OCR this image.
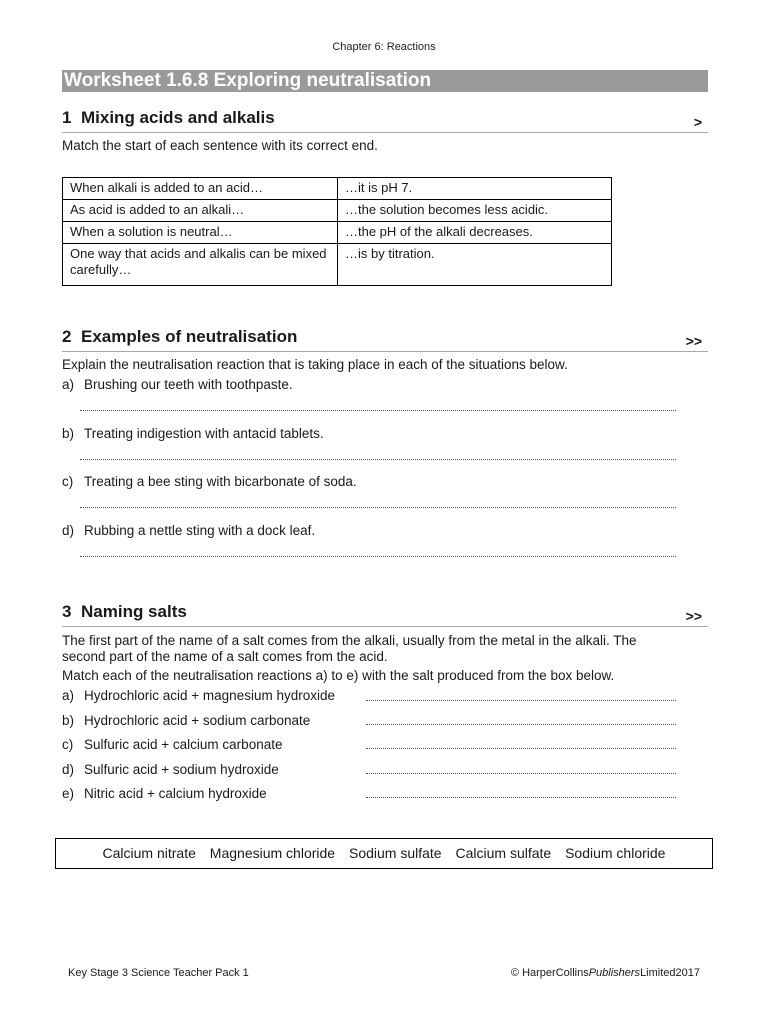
Chapter 6: Reactions
Worksheet 1.6.8 Exploring neutralisation
1 Mixing acids and alkalis	>
Match the start of each sentence with its correct end.
When alkali is added to an acid…	…it is pH 7.
As acid is added to an alkali…	…the solution becomes less acidic.
When a solution is neutral…	…the pH of the alkali decreases.
One way that acids and alkalis can be mixed carefully…	…is by titration.
2 Examples of neutralisation	>>
Explain the neutralisation reaction that is taking place in each of the situations below.
a) Brushing our teeth with toothpaste.
b) Treating indigestion with antacid tablets.
c) Treating a bee sting with bicarbonate of soda.
d) Rubbing a nettle sting with a dock leaf.
3 Naming salts	>>
The first part of the name of a salt comes from the alkali, usually from the metal in the alkali. The
second part of the name of a salt comes from the acid.
Match each of the neutralisation reactions a) to e) with the salt produced from the box below.
a) Hydrochloric acid + magnesium hydroxide
b) Hydrochloric acid + sodium carbonate
c) Sulfuric acid + calcium carbonate
d) Sulfuric acid + sodium hydroxide
e) Nitric acid + calcium hydroxide
Calcium nitrate Magnesium chloride Sodium sulfate Calcium sulfate Sodium chloride
Key Stage 3 Science Teacher Pack 1	© HarperCollinsPublishersLimited2017
